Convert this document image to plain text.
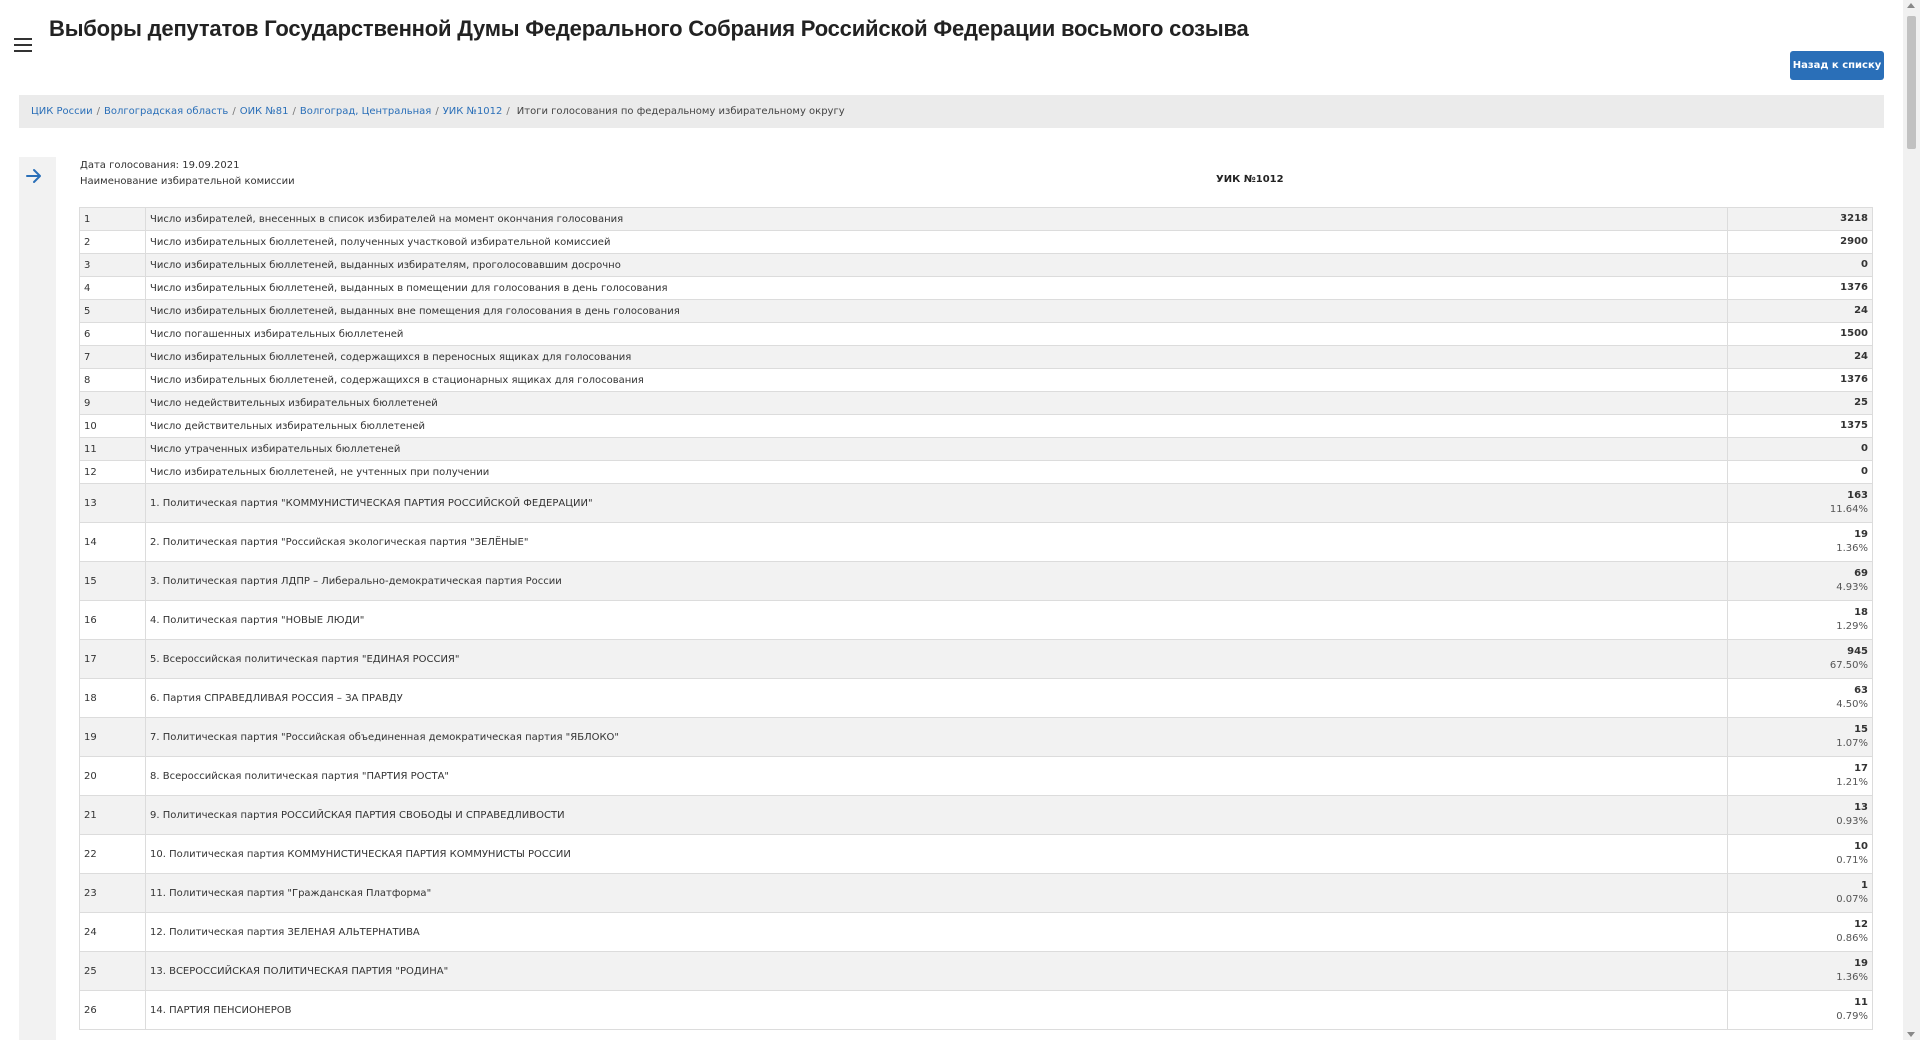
Выборы депутатов Государственной Думы Федерального Собрания Российской Федерации восьмого созыва
Назад к списку
ЦИК России / Волгоградская область / ОИК №81 / Волгоград, Центральная / УИК №1012 / Итоги голосования по федеральному избирательному округу
Дата голосования: 19.09.2021
Наименование избирательной комиссии	УИК №1012
1	Число избирателей, внесенных в список избирателей на момент окончания голосования	3218
2	Число избирательных бюллетеней, полученных участковой избирательной комиссией	2900
3	Число избирательных бюллетеней, выданных избирателям, проголосовавшим досрочно	0
4	Число избирательных бюллетеней, выданных в помещении для голосования в день голосования	1376
5	Число избирательных бюллетеней, выданных вне помещения для голосования в день голосования	24
6	Число погашенных избирательных бюллетеней	1500
7	Число избирательных бюллетеней, содержащихся в переносных ящиках для голосования	24
8	Число избирательных бюллетеней, содержащихся в стационарных ящиках для голосования	1376
9	Число недействительных избирательных бюллетеней	25
10	Число действительных избирательных бюллетеней	1375
11	Число утраченных избирательных бюллетеней	0
12	Число избирательных бюллетеней, не учтенных при получении	0
13	1. Политическая партия "КОММУНИСТИЧЕСКАЯ ПАРТИЯ РОССИЙСКОЙ ФЕДЕРАЦИИ"	163
11.64%

14	2. Политическая партия "Российская экологическая партия "ЗЕЛЁНЫЕ"	19
1.36%

15	3. Политическая партия ЛДПР – Либерально-демократическая партия России	69
4.93%

16	4. Политическая партия "НОВЫЕ ЛЮДИ"	18
1.29%

17	5. Всероссийская политическая партия "ЕДИНАЯ РОССИЯ"	945
67.50%

18	6. Партия СПРАВЕДЛИВАЯ РОССИЯ – ЗА ПРАВДУ	63
4.50%

19	7. Политическая партия "Российская объединенная демократическая партия "ЯБЛОКО"	15
1.07%

20	8. Всероссийская политическая партия "ПАРТИЯ РОСТА"	17
1.21%

21	9. Политическая партия РОССИЙСКАЯ ПАРТИЯ СВОБОДЫ И СПРАВЕДЛИВОСТИ	13
0.93%

22	10. Политическая партия КОММУНИСТИЧЕСКАЯ ПАРТИЯ КОММУНИСТЫ РОССИИ	10
0.71%

23	11. Политическая партия "Гражданская Платформа"	1
0.07%

24	12. Политическая партия ЗЕЛЕНАЯ АЛЬТЕРНАТИВА	12
0.86%

25	13. ВСЕРОССИЙСКАЯ ПОЛИТИЧЕСКАЯ ПАРТИЯ "РОДИНА"	19
1.36%

26	14. ПАРТИЯ ПЕНСИОНЕРОВ	11
0.79%
